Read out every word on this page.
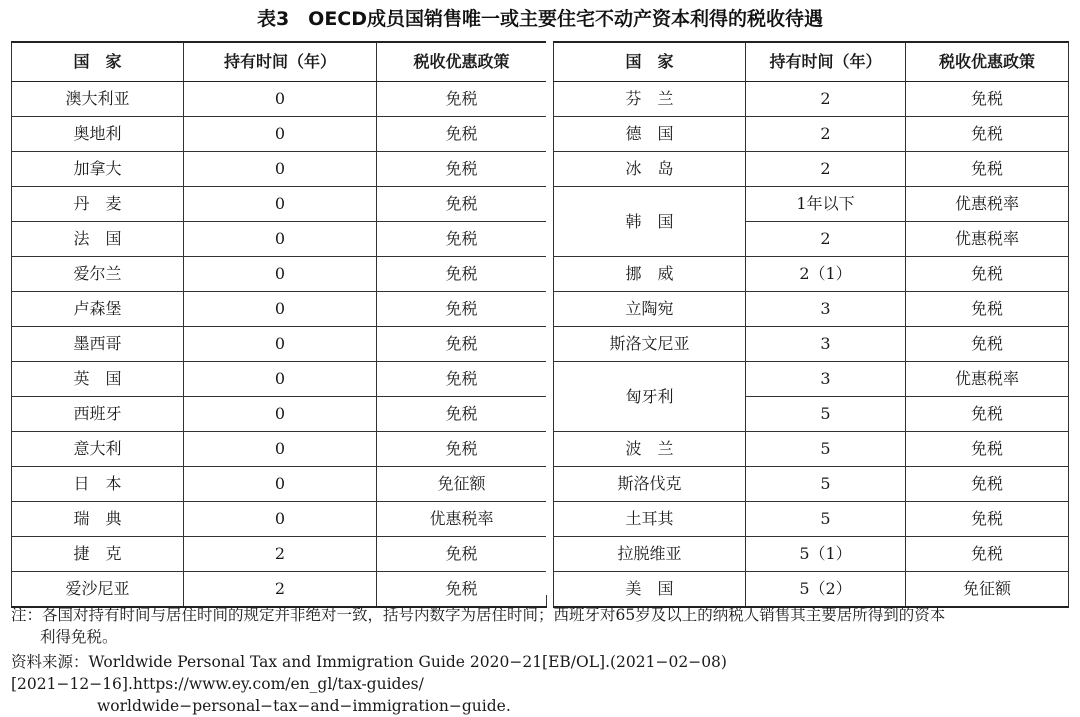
表3　OECD成员国销售唯一或主要住宅不动产资本利得的税收待遇
国　家	持有时间（年）	税收优惠政策
澳大利亚	0	免税
奥地利	0	免税
加拿大	0	免税
丹　麦	0	免税
法　国	0	免税
爱尔兰	0	免税
卢森堡	0	免税
墨西哥	0	免税
英　国	0	免税
西班牙	0	免税
意大利	0	免税
日　本	0	免征额
瑞　典	0	优惠税率
捷　克	2	免税
爱沙尼亚	2	免税
国　家	持有时间（年）	税收优惠政策
芬　兰	2	免税
德　国	2	免税
冰　岛	2	免税
韩　国	1年以下	优惠税率
	2	优惠税率
挪　威	2（1）	免税
立陶宛	3	免税
斯洛文尼亚	3	免税
匈牙利	3	优惠税率
	5	免税
波　兰	5	免税
斯洛伐克	5	免税
土耳其	5	免税
拉脱维亚	5（1）	免税
美　国	5（2）	免征额
注：各国对持有时间与居住时间的规定并非绝对一致，括号内数字为居住时间；西班牙对65岁及以上的纳税人销售其主要居所得到的资本
利得免税。
资料来源：Worldwide Personal Tax and Immigration Guide 2020−21[EB/OL].(2021−02−08)[2021−12−16].https://www.ey.com/en_gl/tax-guides/
worldwide−personal−tax−and−immigration−guide.
